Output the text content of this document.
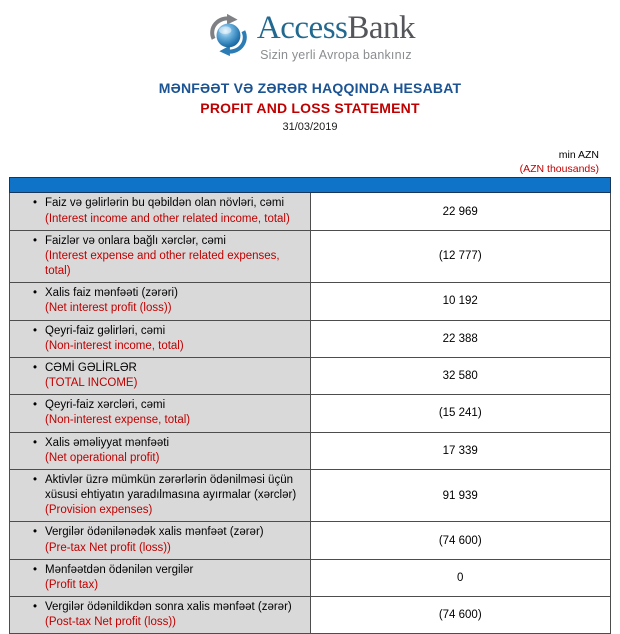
AccessBank
Sizin yerli Avropa bankınız
MƏNFƏƏT VƏ ZƏRƏR HAQQINDA HESABAT
PROFIT AND LOSS STATEMENT
31/03/2019
min AZN
(AZN thousands)

• Faiz və gəlirlərin bu qəbildən olan növləri, cəmi
(Interest income and other related income, total)	22 969

• Faizlər və onlara bağlı xərclər, cəmi
(Interest expense and other related expenses, total)	(12 777)

• Xalis faiz mənfəəti (zərəri)
(Net interest profit (loss))	10 192

• Qeyri-faiz gəlirləri, cəmi
(Non-interest income, total)	22 388

• CƏMİ GƏLİRLƏR
(TOTAL INCOME)	32 580

• Qeyri-faiz xərcləri, cəmi
(Non-interest expense, total)	(15 241)

• Xalis əməliyyat mənfəəti
(Net operational profit)	17 339

• Aktivlər üzrə mümkün zərərlərin ödənilməsi üçün xüsusi ehtiyatın yaradılmasına ayırmalar (xərclər)
(Provision expenses)	91 939

• Vergilər ödənilənədək xalis mənfəət (zərər)
(Pre-tax Net profit (loss))	(74 600)

• Mənfəətdən ödənilən vergilər
(Profit tax)	0

• Vergilər ödənildikdən sonra xalis mənfəət (zərər)
(Post-tax Net profit (loss))	(74 600)
